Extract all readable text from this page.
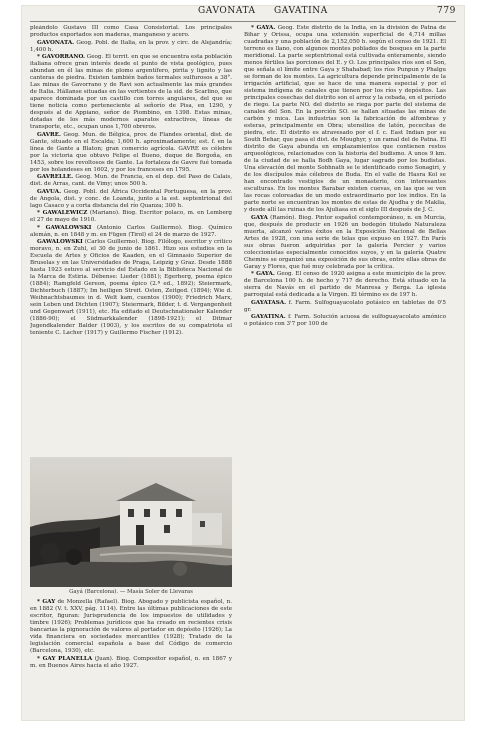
GAVONATA GAVATINA	779

pleándolo Gustavo III como Casa Consistorial. Los principales productos exportados son maderas, manganeso y acero.

GAVONATA. Geog. Pobl. de Italia, en la prov. y circ. de Alejandría; 1,400 h.

* GAVORRANO. Geog. El territ. en que se encuentra esta población italiana ofrece gran interés desde el punto de vista geológico, pues abundan en él las minas de plomo argentífero, pirita y lignito y las canteras de piedra. Existen también baños termales sulfurosos a 38°. Las minas de Gavorrano y de Ravi son actualmente las más grandes de Italia. Hállanse situadas en las vertientes de la sid. de Scarlino, que aparece dominada por un castillo con torres angulares, del que se tiene noticia como perteneciente al señorío de Pisa, en 1290, y después al de Appiano, señor de Piombino, en 1398. Estas minas, dotadas de los más modernos aparatos extractivos, líneas de transporte, etc., ocupan unos 1,700 obreros.

GAVRE. Geog. Mun. de Bélgica, prov. de Flandes oriental, dist. de Gante, situado en el Escalda; 1,600 h. aproximadamente; est. f. en la línea de Gante a Blaton; gran comercio agrícola. GAVRE es célebre por la victoria que obtuvo Felipe el Bueno, duque de Borgoña, en 1453, sobre los revoltosos de Gante. La fortaleza de Gavre fué tomada por los holandeses en 1602, y por los franceses en 1795.

GAVRELLE. Geog. Mun. de Francia, en el dep. del Paso de Calais, dist. de Arras, cant. de Vimy; unos 500 h.

GAVUA. Geog. Pobl. del África Occidental Portuguesa, en la prov. de Angola, dist. y conc. de Loanda, junto a la est. septentrional del lago Casaco y a corta distancia del río Quanza; 300 h.

* GAWALEWICZ (Mariano). Biog. Escritor polaco, m. en Lemberg el 27 de mayo de 1910.

* GAWALOWSKI (Antonio Carlos Guillermo). Biog. Químico alemán, n. en 1848 y m. en Fügen (Tirol) el 24 de marzo de 1927.

GAWALOWSKI (Carlos Guillermo). Biog. Filólogo, escritor y crítico moravo, n. en Zuhl, el 30 de junio de 1861. Hizo sus estudios en la Escuela de Artes y Oficios de Kaaden, en el Gimnasio Superior de Bruselas y en las Universidades de Praga, Leipzig y Graz. Desde 1888 hasta 1923 estuvo al servicio del Estado en la Biblioteca Nacional de la Marca de Estiria. Débense: Lieder (1881); Egerberg, poema épico (1884); Ramgfeld Gereon, poema épico (2.ª ed., 1892); Steiermark, Dichterbuch (1887); Im heiligen Streit. Osten, Zeitged. (1894); Wie d. Weihnachtsbaumes in d. Welt kam, cuentos (1900); Friedrich Marx, sein Leben und Dichten (1907); Steiermark, Bilder, t. d. Vergangenheit und Gegenwart (1911), etc. Ha editado el Deutschnationaler Kalender (1886-90); el Südmarkkalender (1898-1921); el Ditmar Jugendkalender Balder (1903), y los escritos de su compatriota el teniente C. Lacher (1917) y Guillermo Fischer (1912).

Gayá (Barcelona). — Masía Soler de Llevaras

* GAY de Monzella (Rafael). Biog. Abogado y publicista español, n. en 1882 (V. t. XXV, pág. 1114). Entre las últimas publicaciones de este escritor, figuran: Jurisprudencia de los impuestos de utilidades y timbre (1926); Problemas jurídicos que ha creado en recientes crisis bancarias la pignoración de valores al portador en depósito (1926); La vida financiera en sociedades mercantiles (1928); Tratado de la legislación comercial española a base del Código de comercio (Barcelona, 1930), etc.

* GAY PLANELLA (Juan). Biog. Compositor español, n. en 1867 y m. en Buenos Aires hacia el año 1927.

* GAYA. Geog. Este distrito de la India, en la división de Patna de Bihar y Orissa, ocupa una extensión superficial de 4,714 millas cuadradas y una población de 2,152,050 h. según el censo de 1921. El terreno es llano, con algunos montes poblados de bosques en la parte meridional. La parte septentrional está cultivada enteramente, siendo menos fértiles las porciones del E. y O. Los principales ríos son el Son, que señala el límite entre Gaya y Shahabad; los ríos Punpun y Phalgu se forman de los montes. La agricultura depende principalmente de la irrigación artificial, que se hace de una manera especial y por el sistema indígena de canales que tienen por los ríos y depósitos. Las principales cosechas del distrito son el arroz y la cebada, en el período de riego. La parte NO. del distrito se riega por parte del sistema de canales del Son. En la porción SO. se hallan situadas las minas de carbón y mica. Las industrias son la fabricación de alfombras y esteras, principalmente en Obra; utensilios de latón, pececitas de piedra, etc. El distrito es atravesado por el f. c. East Indian por su South Behar, que pasa el dist. de Moughyr, y un ramal del de Patna. El distrito de Gaya abunda en emplazamientos que contienen restos arqueológicos, relacionados con la historia del budismo. A unos 9 km. de la ciudad de se halla Bodh Gaya, lugar sagrado por los budistas. Una elevación del monte Sobhnath se le identificado como Sonagiri, y de los discípulos más célebres de Buda. En el valle de Hasra Kol se han encontrado vestigios de un monasterio, con interesantes esculturas. En los montes Barabar existen cuevas, en las que se ven las rocas coloreadas de un modo extraordinario por los indios. En la parte norte se encuentran los montes de estas de Ajudha y de Maklia, y desde allí las ruinas de los Ajuliasa en el siglo III después de J. C.

GAYA (Ramón). Biog. Pintor español contemporáneo, n. en Murcia, que, después de producir en 1926 un bodegón titulado Naturaleza muerta, alcanzó varios éxitos en la Exposición Nacional de Bellas Artes de 1928, con una serie de telas que expuso en 1927. En París sus obras fueron adquiridas por la galería Percier y varios coleccionistas especialmente conocidos suyos, y en la galería Quatre Chemins se organizó una exposición de sus obras, entre ellas obras de Garay y Flores, que fué muy celebrada por la crítica.

* GAYA. Geog. El censo de 1920 asigna a este municipio de la prov. de Barcelona 100 h. de hecho y 717 de derecho. Está situado en la sierra de Navás en el partido de Manresa y Berga. La iglesia parroquial está dedicada a la Virgen. El término es de 197 h.

GAYATASA. f. Farm. Sulfoguayacolato potásico en tabletas de 0'5 gr.

GAYATINA. f. Farm. Solución acuosa de sulfoguayacolato amónico o potásico con 3'7 por 100 de
